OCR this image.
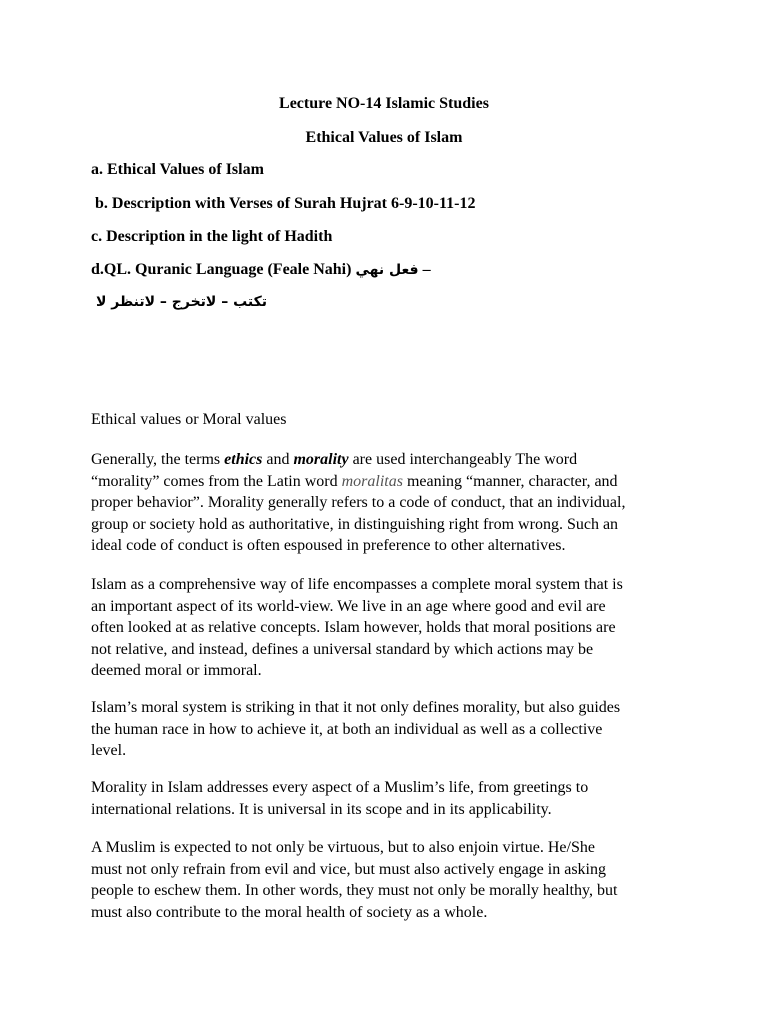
Lecture NO-14 Islamic Studies
Ethical Values of Islam
a. Ethical Values of Islam
b. Description with Verses of Surah Hujrat 6-9-10-11-12
c. Description in the light of Hadith
d.QL. Quranic Language (Feale Nahi) فعل نهي –
تكتب – لاتخرج – لاتنظر لا
Ethical values or Moral values

Generally, the terms ethics and morality are used interchangeably The word
“morality” comes from the Latin word moralitas meaning “manner, character, and
proper behavior”. Morality generally refers to a code of conduct, that an individual,
group or society hold as authoritative, in distinguishing right from wrong. Such an
ideal code of conduct is often espoused in preference to other alternatives.

Islam as a comprehensive way of life encompasses a complete moral system that is
an important aspect of its world-view. We live in an age where good and evil are
often looked at as relative concepts. Islam however, holds that moral positions are
not relative, and instead, defines a universal standard by which actions may be
deemed moral or immoral.

Islam’s moral system is striking in that it not only defines morality, but also guides
the human race in how to achieve it, at both an individual as well as a collective
level.

Morality in Islam addresses every aspect of a Muslim’s life, from greetings to
international relations. It is universal in its scope and in its applicability.

A Muslim is expected to not only be virtuous, but to also enjoin virtue. He/She
must not only refrain from evil and vice, but must also actively engage in asking
people to eschew them. In other words, they must not only be morally healthy, but
must also contribute to the moral health of society as a whole.
